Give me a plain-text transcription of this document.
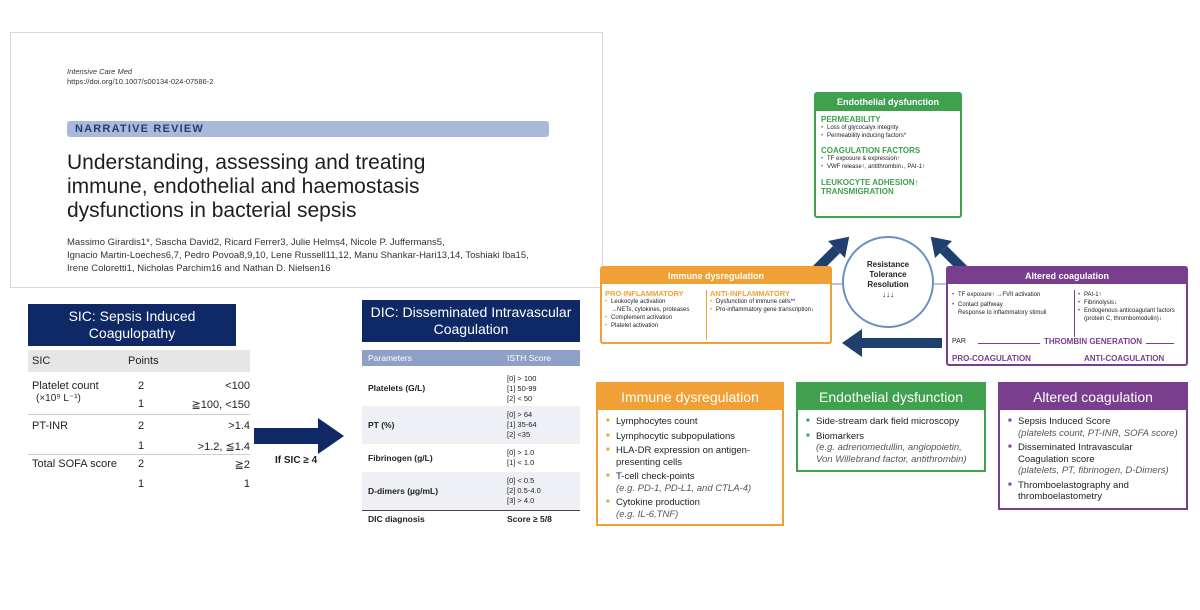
Intensive Care Med
https://doi.org/10.1007/s00134-024-07586-2
NARRATIVE REVIEW
Understanding, assessing and treating
immune, endothelial and haemostasis
dysfunctions in bacterial sepsis
Massimo Girardis1*, Sascha David2, Ricard Ferrer3, Julie Helms4, Nicole P. Juffermans5,
Ignacio Martin-Loeches6,7, Pedro Povoa8,9,10, Lene Russell11,12, Manu Shankar-Hari13,14, Toshiaki Iba15,
Irene Coloretti1, Nicholas Parchim16 and Nathan D. Nielsen16
SIC: Sepsis Induced
Coagulopathy
SIC	Points
Platelet count
(×10⁹ L⁻¹)
2	<100
1	≧100, <150
PT-INR	2	>1.4
1	>1.2, ≦1.4
Total SOFA score 2	≧2
1	1
If SIC ≥ 4
DIC: Disseminated Intravascular
Coagulation
Parameters	ISTH Score
Platelets (G/L)
[0] > 100
[1] 50-99
[2] < 50
PT (%)
[0] > 64
[1] 35-64
[2] <35
Fibrinogen (g/L)
[0] > 1.0
[1] < 1.0
D-dimers (µg/mL)
[0] < 0.5
[2] 0.5-4.0
[3] > 4.0
DIC diagnosis	Score ≥ 5/8
Endothelial dysfunction
PERMEABILITY
• Loss of glycocalyx integrity
• Permeability inducing factors*
COAGULATION FACTORS
• TF exposure & expression↑
• VWF release↑, antithrombin↓, PAI-1↑
LEUKOCYTE ADHESION↑
TRANSMIGRATION
Resistance
Tolerance
Resolution
↓↓↓
Immune dysregulation
PRO-INFLAMMATORY
• Leukocyte activation
→NETs, cytokines, proteases
• Complement activation
• Platelet activation
ANTI-INFLAMMATORY
• Dysfunction of immune cells**
• Pro-inflammatory gene transcription↓
Altered coagulation
• TF exposure↑ →FVII activation
• Contact pathway
Response to inflammatory stimuli
• PAI-1↑
• Fibrinolysis↓
• Endogenous anticoagulant factors
(protein C, thrombomodulin)↓
PAR	THROMBIN GENERATION
PRO-COAGULATION	ANTI-COAGULATION
Immune dysregulation
■ Lymphocytes count
■ Lymphocytic subpopulations
■ HLA-DR expression on antigen-presenting cells
■ T-cell check-points
(e.g. PD-1, PD-L1, and CTLA-4)
■ Cytokine production
(e.g. IL-6,TNF)
Endothelial dysfunction
■ Side-stream dark field microscopy
■ Biomarkers
(e.g. adrenomedullin, angiopoietin, Von Willebrand factor, antithrombin)
Altered coagulation
■ Sepsis Induced Score
(platelets count, PT-INR, SOFA score)
■ Disseminated Intravascular Coagulation score
(platelets, PT, fibrinogen, D-Dimers)
■ Thromboelastography and thromboelastometry
